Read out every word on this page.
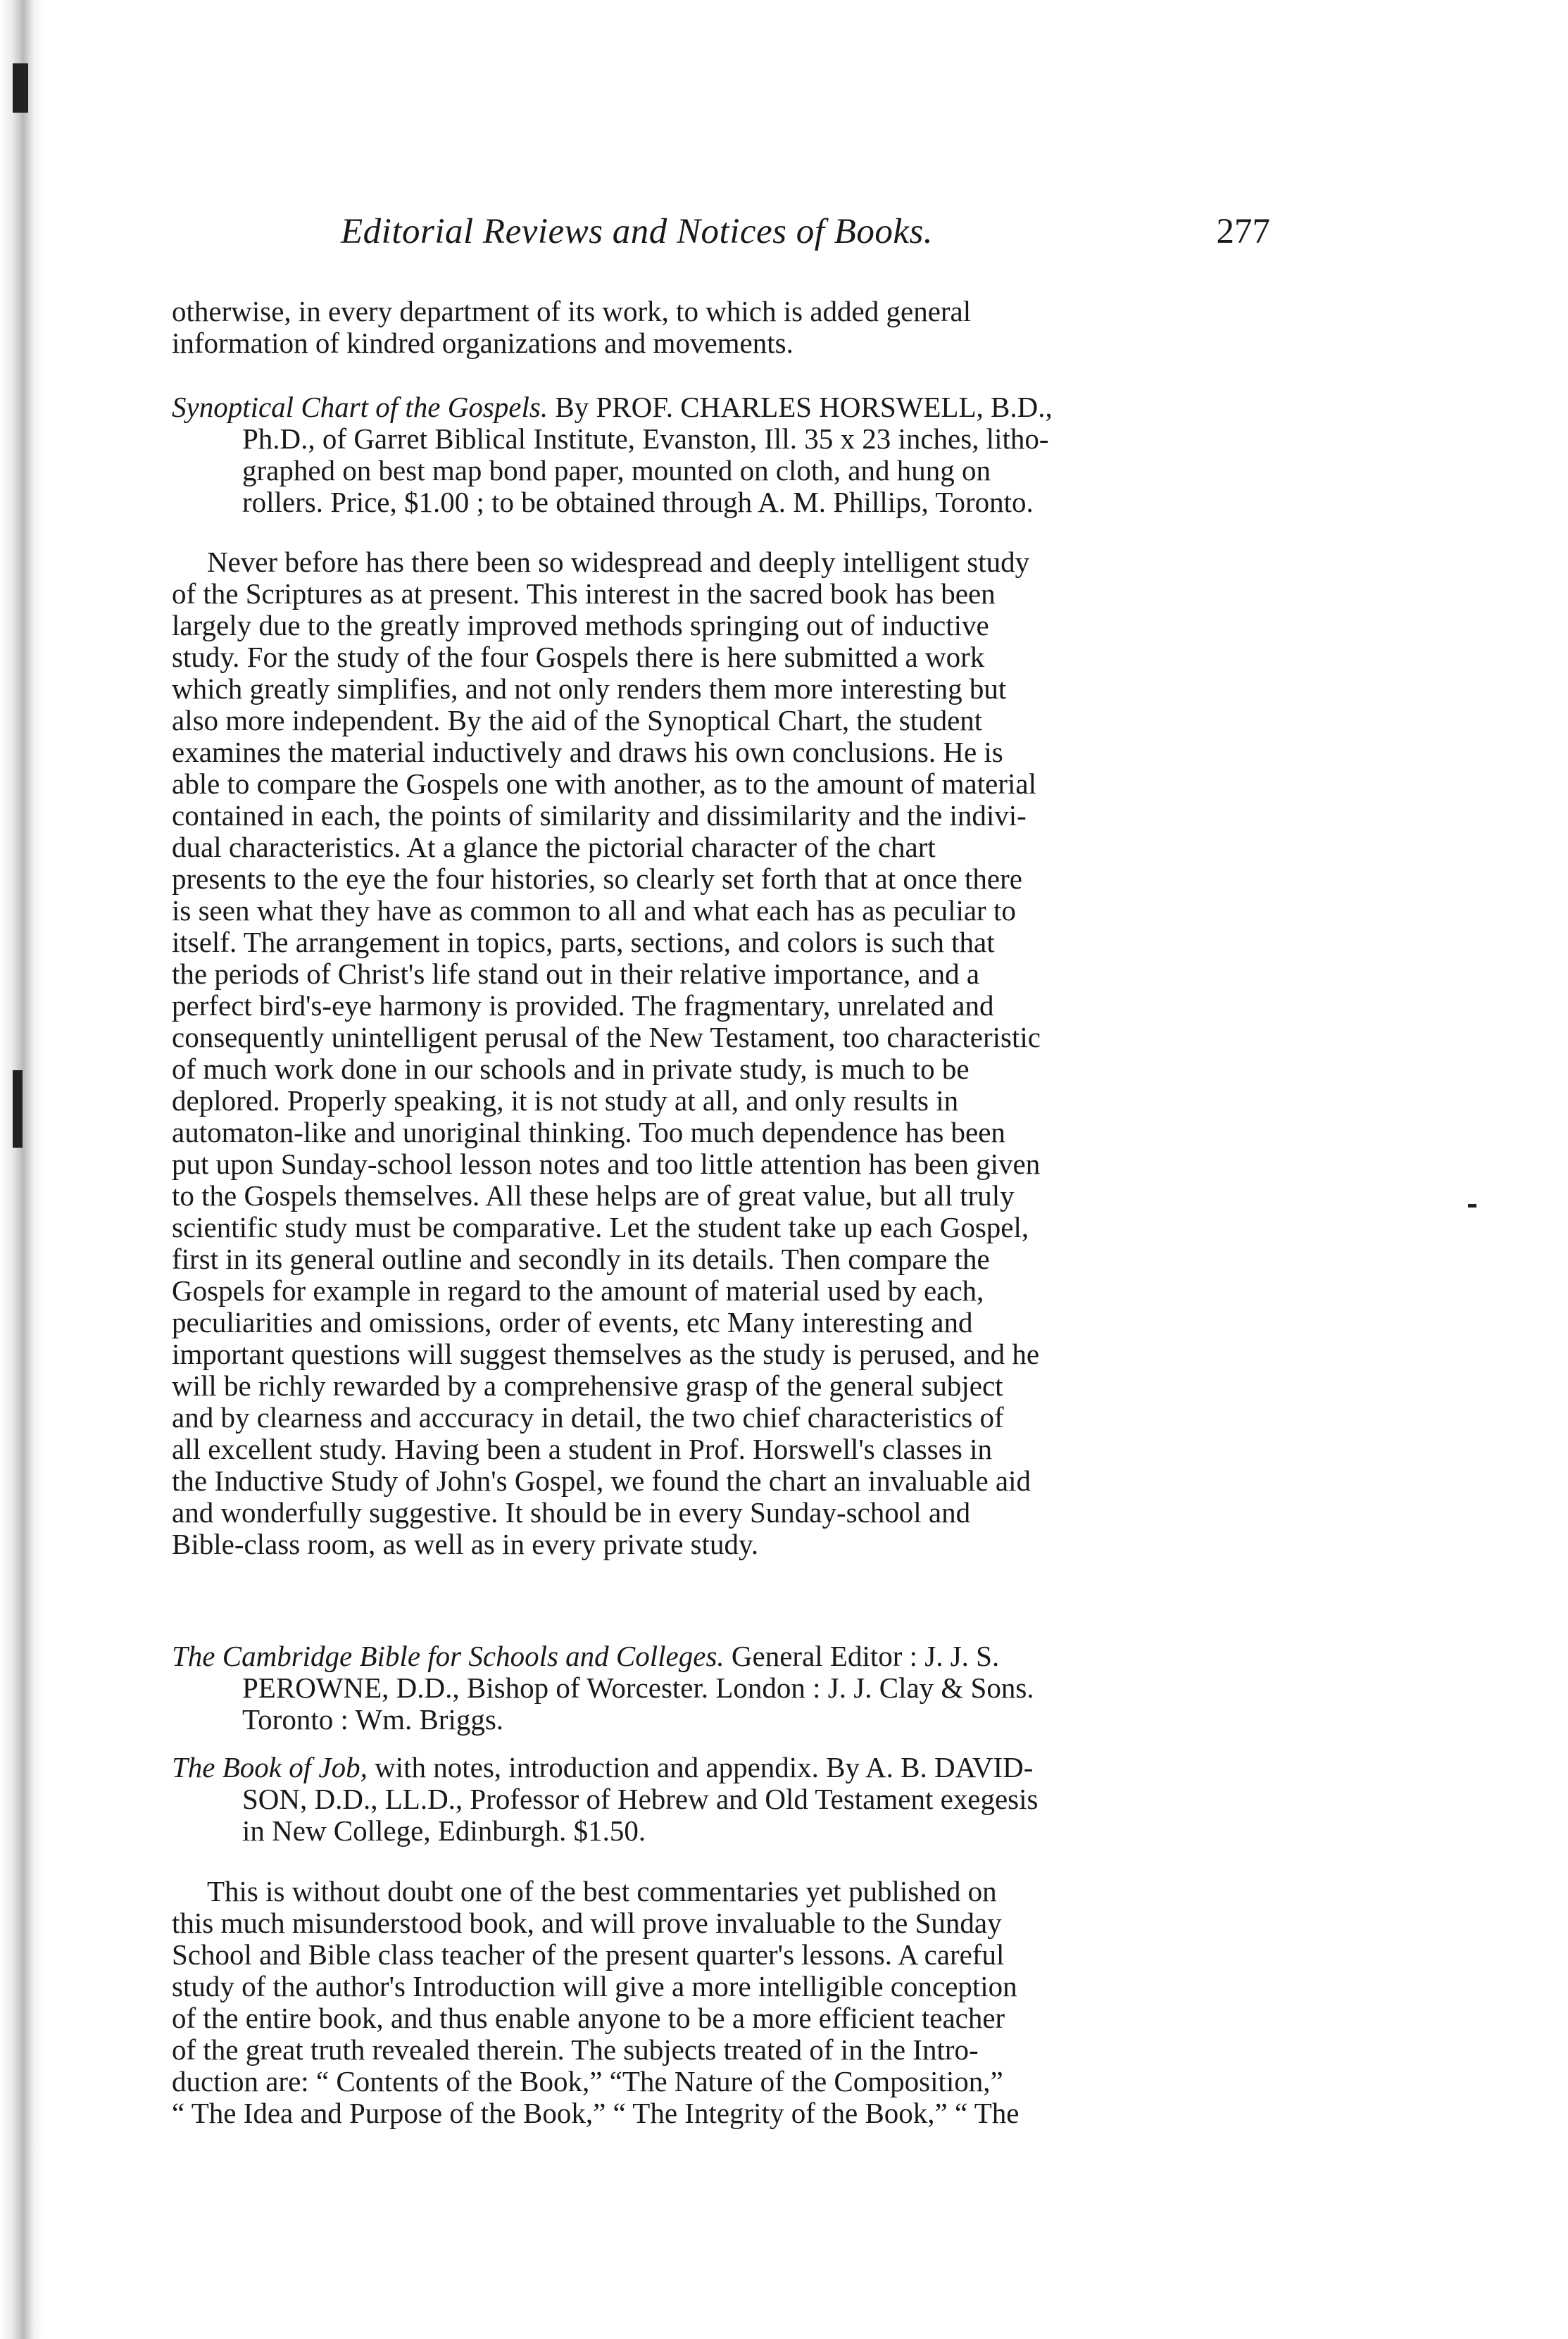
Editorial Reviews and Notices of Books.	277
otherwise, in every department of its work, to which is added general
information of kindred organizations and movements.
Synoptical Chart of the Gospels. By PROF. CHARLES HORSWELL, B.D.,
Ph.D., of Garret Biblical Institute, Evanston, Ill. 35 x 23 inches, litho-
graphed on best map bond paper, mounted on cloth, and hung on
rollers. Price, $1.00 ; to be obtained through A. M. Phillips, Toronto.
Never before has there been so widespread and deeply intelligent study
of the Scriptures as at present. This interest in the sacred book has been
largely due to the greatly improved methods springing out of inductive
study. For the study of the four Gospels there is here submitted a work
which greatly simplifies, and not only renders them more interesting but
also more independent. By the aid of the Synoptical Chart, the student
examines the material inductively and draws his own conclusions. He is
able to compare the Gospels one with another, as to the amount of material
contained in each, the points of similarity and dissimilarity and the indivi-
dual characteristics. At a glance the pictorial character of the chart
presents to the eye the four histories, so clearly set forth that at once there
is seen what they have as common to all and what each has as peculiar to
itself. The arrangement in topics, parts, sections, and colors is such that
the periods of Christ's life stand out in their relative importance, and a
perfect bird's-eye harmony is provided. The fragmentary, unrelated and
consequently unintelligent perusal of the New Testament, too characteristic
of much work done in our schools and in private study, is much to be
deplored. Properly speaking, it is not study at all, and only results in
automaton-like and unoriginal thinking. Too much dependence has been
put upon Sunday-school lesson notes and too little attention has been given
to the Gospels themselves. All these helps are of great value, but all truly
scientific study must be comparative. Let the student take up each Gospel,
first in its general outline and secondly in its details. Then compare the
Gospels for example in regard to the amount of material used by each,
peculiarities and omissions, order of events, etc Many interesting and
important questions will suggest themselves as the study is perused, and he
will be richly rewarded by a comprehensive grasp of the general subject
and by clearness and acccuracy in detail, the two chief characteristics of
all excellent study. Having been a student in Prof. Horswell's classes in
the Inductive Study of John's Gospel, we found the chart an invaluable aid
and wonderfully suggestive. It should be in every Sunday-school and
Bible-class room, as well as in every private study.
The Cambridge Bible for Schools and Colleges. General Editor : J. J. S.
PEROWNE, D.D., Bishop of Worcester. London : J. J. Clay & Sons.
Toronto : Wm. Briggs.
The Book of Job, with notes, introduction and appendix. By A. B. DAVID-
SON, D.D., LL.D., Professor of Hebrew and Old Testament exegesis
in New College, Edinburgh. $1.50.
This is without doubt one of the best commentaries yet published on
this much misunderstood book, and will prove invaluable to the Sunday
School and Bible class teacher of the present quarter's lessons. A careful
study of the author's Introduction will give a more intelligible conception
of the entire book, and thus enable anyone to be a more efficient teacher
of the great truth revealed therein. The subjects treated of in the Intro-
duction are: “ Contents of the Book,” “The Nature of the Composition,”
“ The Idea and Purpose of the Book,” “ The Integrity of the Book,” “ The
